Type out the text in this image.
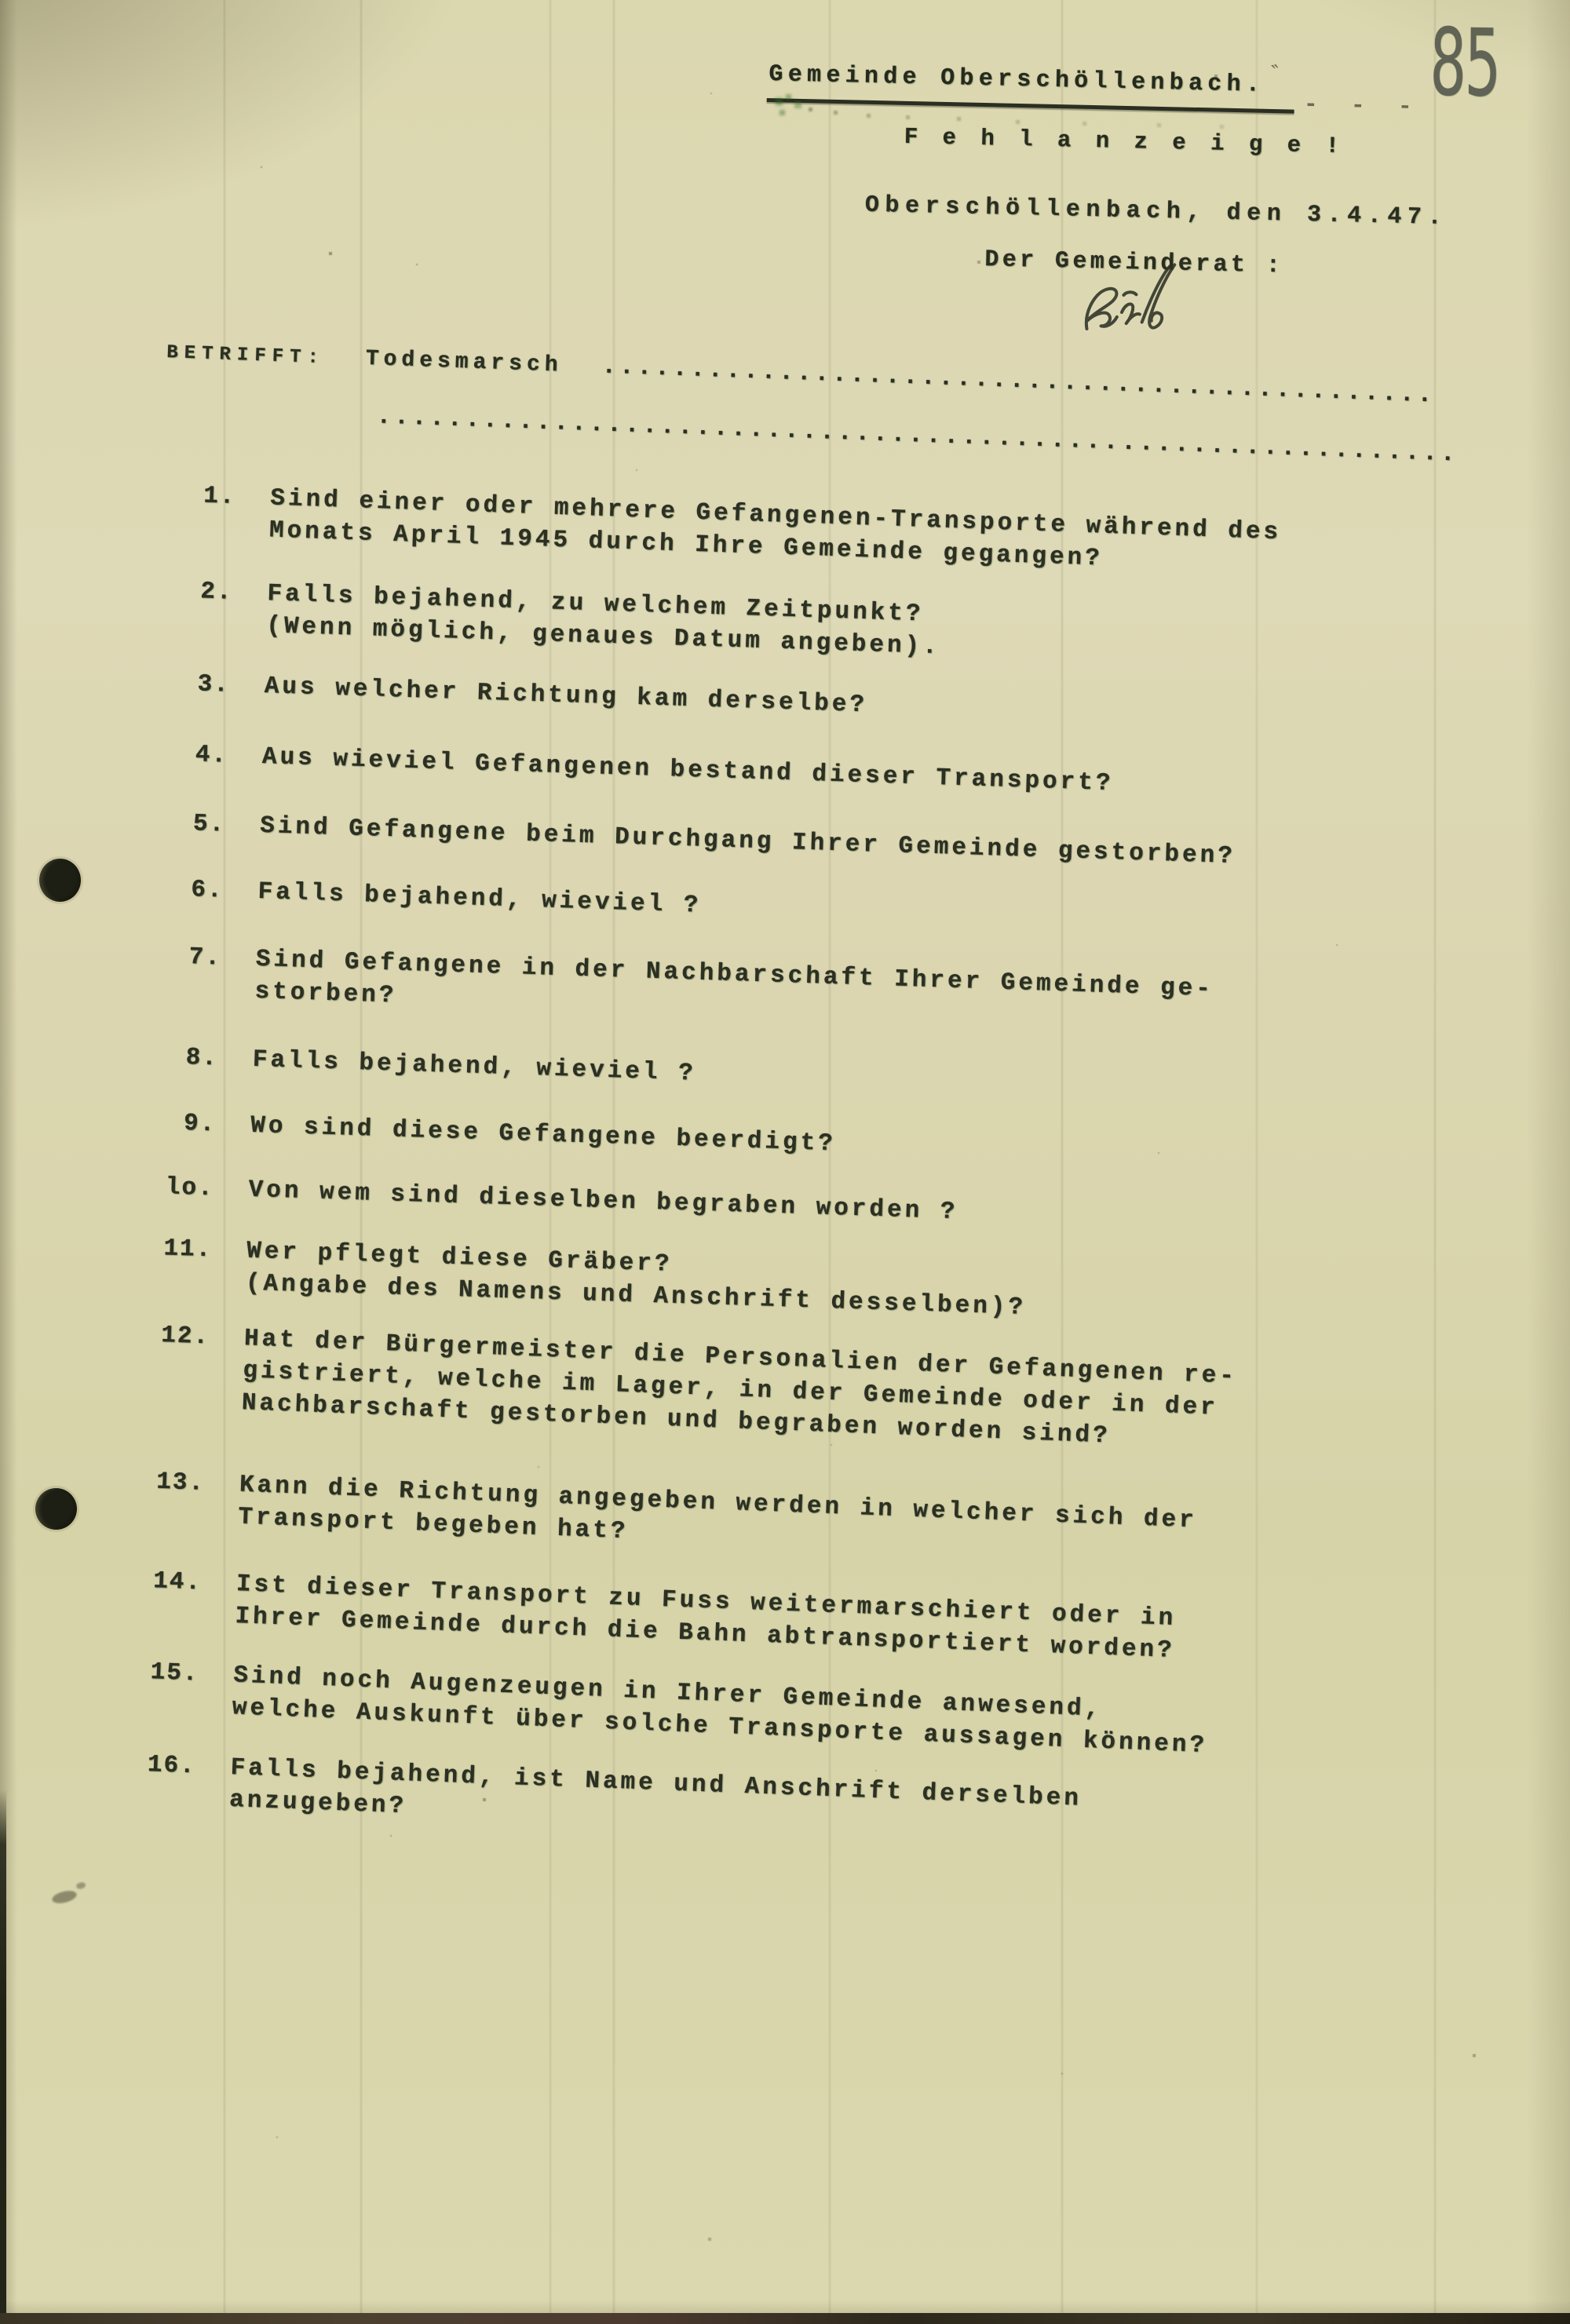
85
Gemeinde Oberschöllenbach. ‶
- - -
F e h l a n z e i g e !
Oberschöllenbach, den 3.4.47.
Der Gemeinderat :
BETRIFFT: Todesmarsch ...............................................
.............................................................
1. Sind einer oder mehrere Gefangenen-Transporte während des
Monats April 1945 durch Ihre Gemeinde gegangen?
2. Falls bejahend, zu welchem Zeitpunkt?
(Wenn möglich, genaues Datum angeben).
3. Aus welcher Richtung kam derselbe?
4. Aus wieviel Gefangenen bestand dieser Transport?
5. Sind Gefangene beim Durchgang Ihrer Gemeinde gestorben?
6. Falls bejahend, wieviel ?
7. Sind Gefangene in der Nachbarschaft Ihrer Gemeinde ge-
storben?
8. Falls bejahend, wieviel ?
9. Wo sind diese Gefangene beerdigt?
lo. Von wem sind dieselben begraben worden ?
11. Wer pflegt diese Gräber?
(Angabe des Namens und Anschrift desselben)?
12. Hat der Bürgermeister die Personalien der Gefangenen re-
gistriert, welche im Lager, in der Gemeinde oder in der
Nachbarschaft gestorben und begraben worden sind?
13. Kann die Richtung angegeben werden in welcher sich der
Transport begeben hat?
14. Ist dieser Transport zu Fuss weitermarschiert oder in
Ihrer Gemeinde durch die Bahn abtransportiert worden?
15. Sind noch Augenzeugen in Ihrer Gemeinde anwesend,
welche Auskunft über solche Transporte aussagen können?
16. Falls bejahend, ist Name und Anschrift derselben
anzugeben?
